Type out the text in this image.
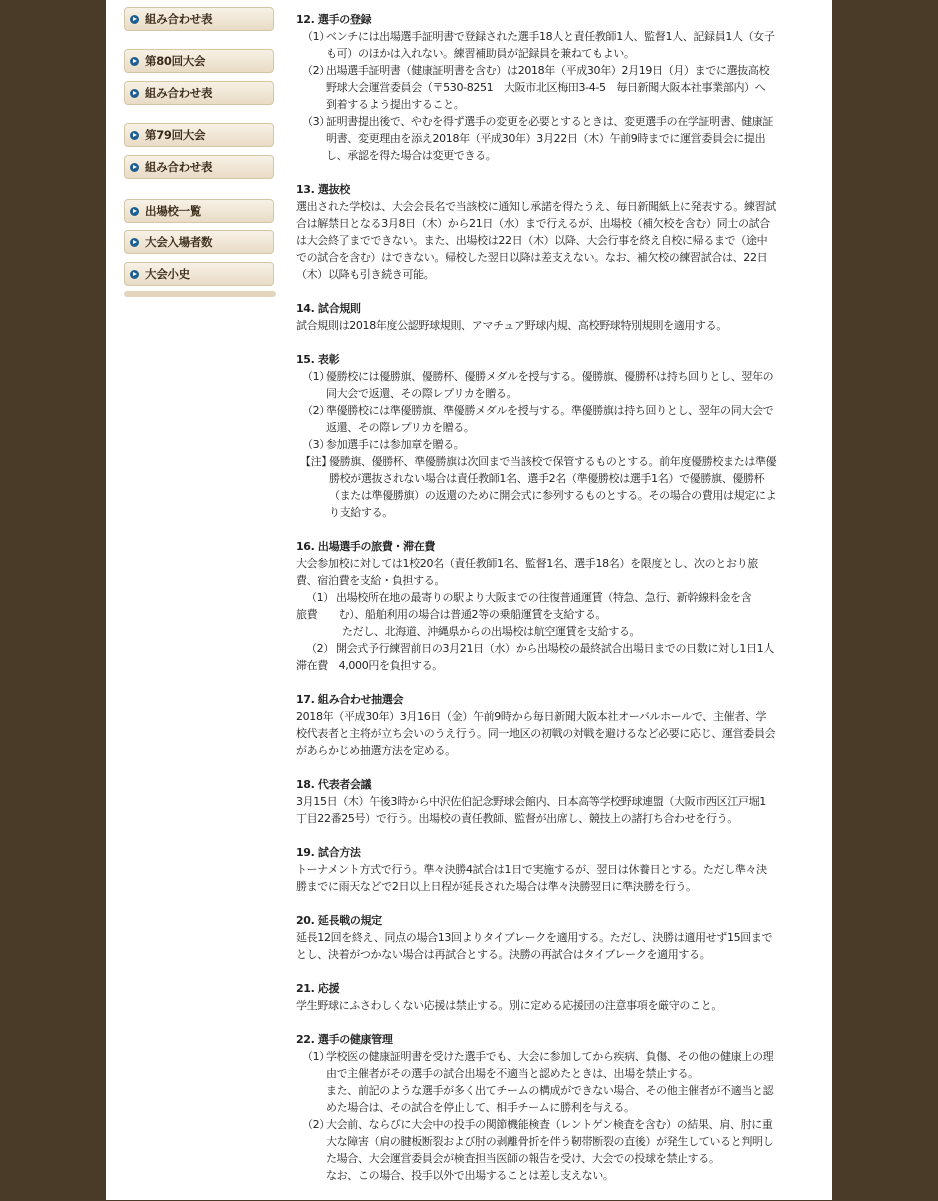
組み合わせ表
第80回大会
組み合わせ表
第79回大会
組み合わせ表
出場校一覧
大会入場者数
大会小史
12. 選手の登録
（1）
ベンチには出場選手証明書で登録された選手18人と責任教師1人、監督1人、記録員1人（女子
も可）のほかは入れない。練習補助員が記録員を兼ねてもよい。
（2）
出場選手証明書（健康証明書を含む）は2018年（平成30年）2月19日（月）までに選抜高校
野球大会運営委員会（〒530-8251　大阪市北区梅田3-4-5　毎日新聞大阪本社事業部内）へ
到着するよう提出すること。
（3）
証明書提出後で、やむを得ず選手の変更を必要とするときは、変更選手の在学証明書、健康証
明書、変更理由を添え2018年（平成30年）3月22日（木）午前9時までに運営委員会に提出
し、承認を得た場合は変更できる。
13. 選抜校
選出された学校は、大会会長名で当該校に通知し承諾を得たうえ、毎日新聞紙上に発表する。練習試
合は解禁日となる3月8日（木）から21日（水）まで行えるが、出場校（補欠校を含む）同士の試合
は大会終了までできない。また、出場校は22日（木）以降、大会行事を終え自校に帰るまで（途中
での試合を含む）はできない。帰校した翌日以降は差支えない。なお、補欠校の練習試合は、22日
（木）以降も引き続き可能。
14. 試合規則
試合規則は2018年度公認野球規則、アマチュア野球内規、高校野球特別規則を適用する。
15. 表彰
（1）
優勝校には優勝旗、優勝杯、優勝メダルを授与する。優勝旗、優勝杯は持ち回りとし、翌年の
同大会で返還、その際レプリカを贈る。
（2）
準優勝校には準優勝旗、準優勝メダルを授与する。準優勝旗は持ち回りとし、翌年の同大会で
返還、その際レプリカを贈る。
（3）
参加選手には参加章を贈る。
【注】
優勝旗、優勝杯、準優勝旗は次回まで当該校で保管するものとする。前年度優勝校または準優
勝校が選抜されない場合は責任教師1名、選手2名（準優勝校は選手1名）で優勝旗、優勝杯
（または準優勝旗）の返還のために開会式に参列するものとする。その場合の費用は規定によ
り支給する。
16. 出場選手の旅費・滞在費
大会参加校に対しては1校20名（責任教師1名、監督1名、選手18名）を限度とし、次のとおり旅
費、宿泊費を支給・負担する。
（1） 出場校所在地の最寄りの駅より大阪までの往復普通運賃（特急、急行、新幹線料金を含
旅費　　む）、船舶利用の場合は普通2等の乗船運賃を支給する。
ただし、北海道、沖縄県からの出場校は航空運賃を支給する。
（2） 開会式予行練習前日の3月21日（水）から出場校の最終試合出場日までの日数に対し1日1人
滞在費　4,000円を負担する。
17. 組み合わせ抽選会
2018年（平成30年）3月16日（金）午前9時から毎日新聞大阪本社オーバルホールで、主催者、学
校代表者と主将が立ち会いのうえ行う。同一地区の初戦の対戦を避けるなど必要に応じ、運営委員会
があらかじめ抽選方法を定める。
18. 代表者会議
3月15日（木）午後3時から中沢佐伯記念野球会館内、日本高等学校野球連盟（大阪市西区江戸堀1
丁目22番25号）で行う。出場校の責任教師、監督が出席し、競技上の諸打ち合わせを行う。
19. 試合方法
トーナメント方式で行う。準々決勝4試合は1日で実施するが、翌日は休養日とする。ただし準々決
勝までに雨天などで2日以上日程が延長された場合は準々決勝翌日に準決勝を行う。
20. 延長戦の規定
延長12回を終え、同点の場合13回よりタイブレークを適用する。ただし、決勝は適用せず15回まで
とし、決着がつかない場合は再試合とする。決勝の再試合はタイブレークを適用する。
21. 応援
学生野球にふさわしくない応援は禁止する。別に定める応援団の注意事項を厳守のこと。
22. 選手の健康管理
（1）
学校医の健康証明書を受けた選手でも、大会に参加してから疾病、負傷、その他の健康上の理
由で主催者がその選手の試合出場を不適当と認めたときは、出場を禁止する。
また、前記のような選手が多く出てチームの構成ができない場合、その他主催者が不適当と認
めた場合は、その試合を停止して、相手チームに勝利を与える。
（2）
大会前、ならびに大会中の投手の関節機能検査（レントゲン検査を含む）の結果、肩、肘に重
大な障害（肩の腱板断裂および肘の剥離骨折を伴う靭帯断裂の直後）が発生していると判明し
た場合、大会運営委員会が検査担当医師の報告を受け、大会での投球を禁止する。
なお、この場合、投手以外で出場することは差し支えない。
